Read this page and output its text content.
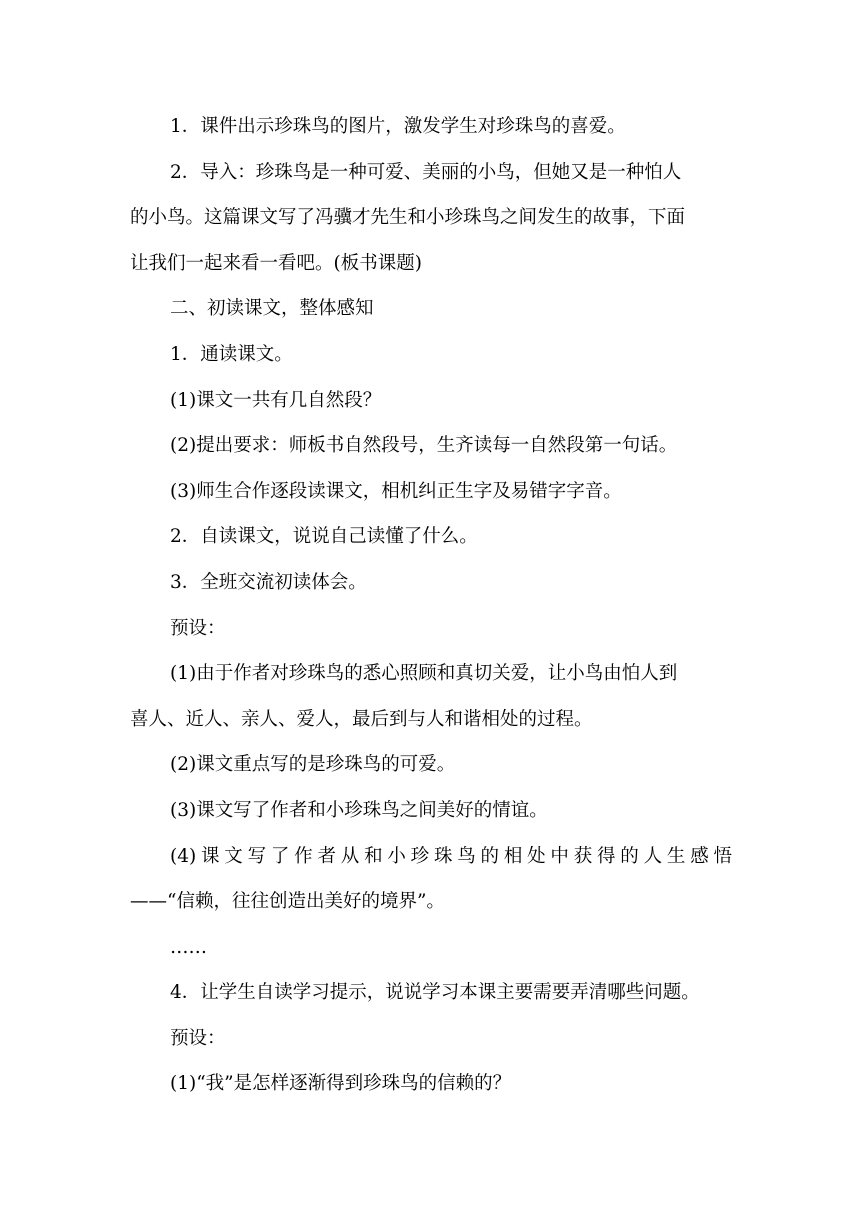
1．课件出示珍珠鸟的图片，激发学生对珍珠鸟的喜爱。

2．导入：珍珠鸟是一种可爱、美丽的小鸟，但她又是一种怕人

的小鸟。这篇课文写了冯骥才先生和小珍珠鸟之间发生的故事，下面

让我们一起来看一看吧。(板书课题)

二、初读课文，整体感知

1．通读课文。

(1)课文一共有几自然段？

(2)提出要求：师板书自然段号，生齐读每一自然段第一句话。

(3)师生合作逐段读课文，相机纠正生字及易错字字音。

2．自读课文，说说自己读懂了什么。

3．全班交流初读体会。

预设：

(1)由于作者对珍珠鸟的悉心照顾和真切关爱，让小鸟由怕人到

喜人、近人、亲人、爱人，最后到与人和谐相处的过程。

(2)课文重点写的是珍珠鸟的可爱。

(3)课文写了作者和小珍珠鸟之间美好的情谊。

(4)课文写了作者从和小珍珠鸟的相处中获得的人生感悟

——“信赖，往往创造出美好的境界”。

……

4．让学生自读学习提示，说说学习本课主要需要弄清哪些问题。

预设：

(1)“我”是怎样逐渐得到珍珠鸟的信赖的？
